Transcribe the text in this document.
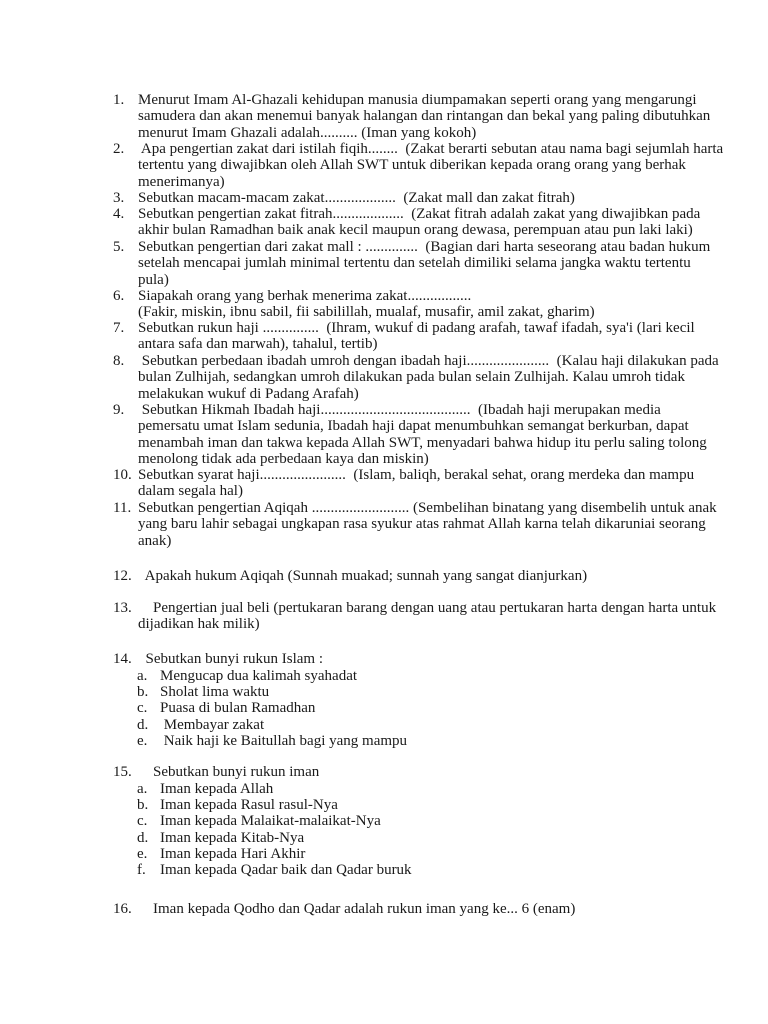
1. Menurut Imam Al-Ghazali kehidupan manusia diumpamakan seperti orang yang mengarungi
samudera dan akan menemui banyak halangan dan rintangan dan bekal yang paling dibutuhkan
menurut Imam Ghazali adalah.......... (Iman yang kokoh)
2. Apa pengertian zakat dari istilah fiqih........  (Zakat berarti sebutan atau nama bagi sejumlah harta
tertentu yang diwajibkan oleh Allah SWT untuk diberikan kepada orang orang yang berhak
menerimanya)
3. Sebutkan macam-macam zakat...................  (Zakat mall dan zakat fitrah)
4. Sebutkan pengertian zakat fitrah...................  (Zakat fitrah adalah zakat yang diwajibkan pada
akhir bulan Ramadhan baik anak kecil maupun orang dewasa, perempuan atau pun laki laki)
5. Sebutkan pengertian dari zakat mall : ..............  (Bagian dari harta seseorang atau badan hukum
setelah mencapai jumlah minimal tertentu dan setelah dimiliki selama jangka waktu tertentu
pula)
6. Siapakah orang yang berhak menerima zakat.................
(Fakir, miskin, ibnu sabil, fii sabilillah, mualaf, musafir, amil zakat, gharim)
7. Sebutkan rukun haji ...............  (Ihram, wukuf di padang arafah, tawaf ifadah, sya'i (lari kecil
antara safa dan marwah), tahalul, tertib)
8. Sebutkan perbedaan ibadah umroh dengan ibadah haji......................  (Kalau haji dilakukan pada
bulan Zulhijah, sedangkan umroh dilakukan pada bulan selain Zulhijah. Kalau umroh tidak
melakukan wukuf di Padang Arafah)
9. Sebutkan Hikmah Ibadah haji........................................  (Ibadah haji merupakan media
pemersatu umat Islam sedunia, Ibadah haji dapat menumbuhkan semangat berkurban, dapat
menambah iman dan takwa kepada Allah SWT, menyadari bahwa hidup itu perlu saling tolong
menolong tidak ada perbedaan kaya dan miskin)
10. Sebutkan syarat haji.......................  (Islam, baliqh, berakal sehat, orang merdeka dan mampu
dalam segala hal)
11. Sebutkan pengertian Aqiqah .......................... (Sembelihan binatang yang disembelih untuk anak
yang baru lahir sebagai ungkapan rasa syukur atas rahmat Allah karna telah dikaruniai seorang
anak)
12. Apakah hukum Aqiqah (Sunnah muakad; sunnah yang sangat dianjurkan)
13. Pengertian jual beli (pertukaran barang dengan uang atau pertukaran harta dengan harta untuk
dijadikan hak milik)
14. Sebutkan bunyi rukun Islam :
a. Mengucap dua kalimah syahadat
b. Sholat lima waktu
c. Puasa di bulan Ramadhan
d. Membayar zakat
e. Naik haji ke Baitullah bagi yang mampu
15. Sebutkan bunyi rukun iman
a. Iman kepada Allah
b. Iman kepada Rasul rasul-Nya
c. Iman kepada Malaikat-malaikat-Nya
d. Iman kepada Kitab-Nya
e. Iman kepada Hari Akhir
f. Iman kepada Qadar baik dan Qadar buruk
16. Iman kepada Qodho dan Qadar adalah rukun iman yang ke... 6 (enam)
